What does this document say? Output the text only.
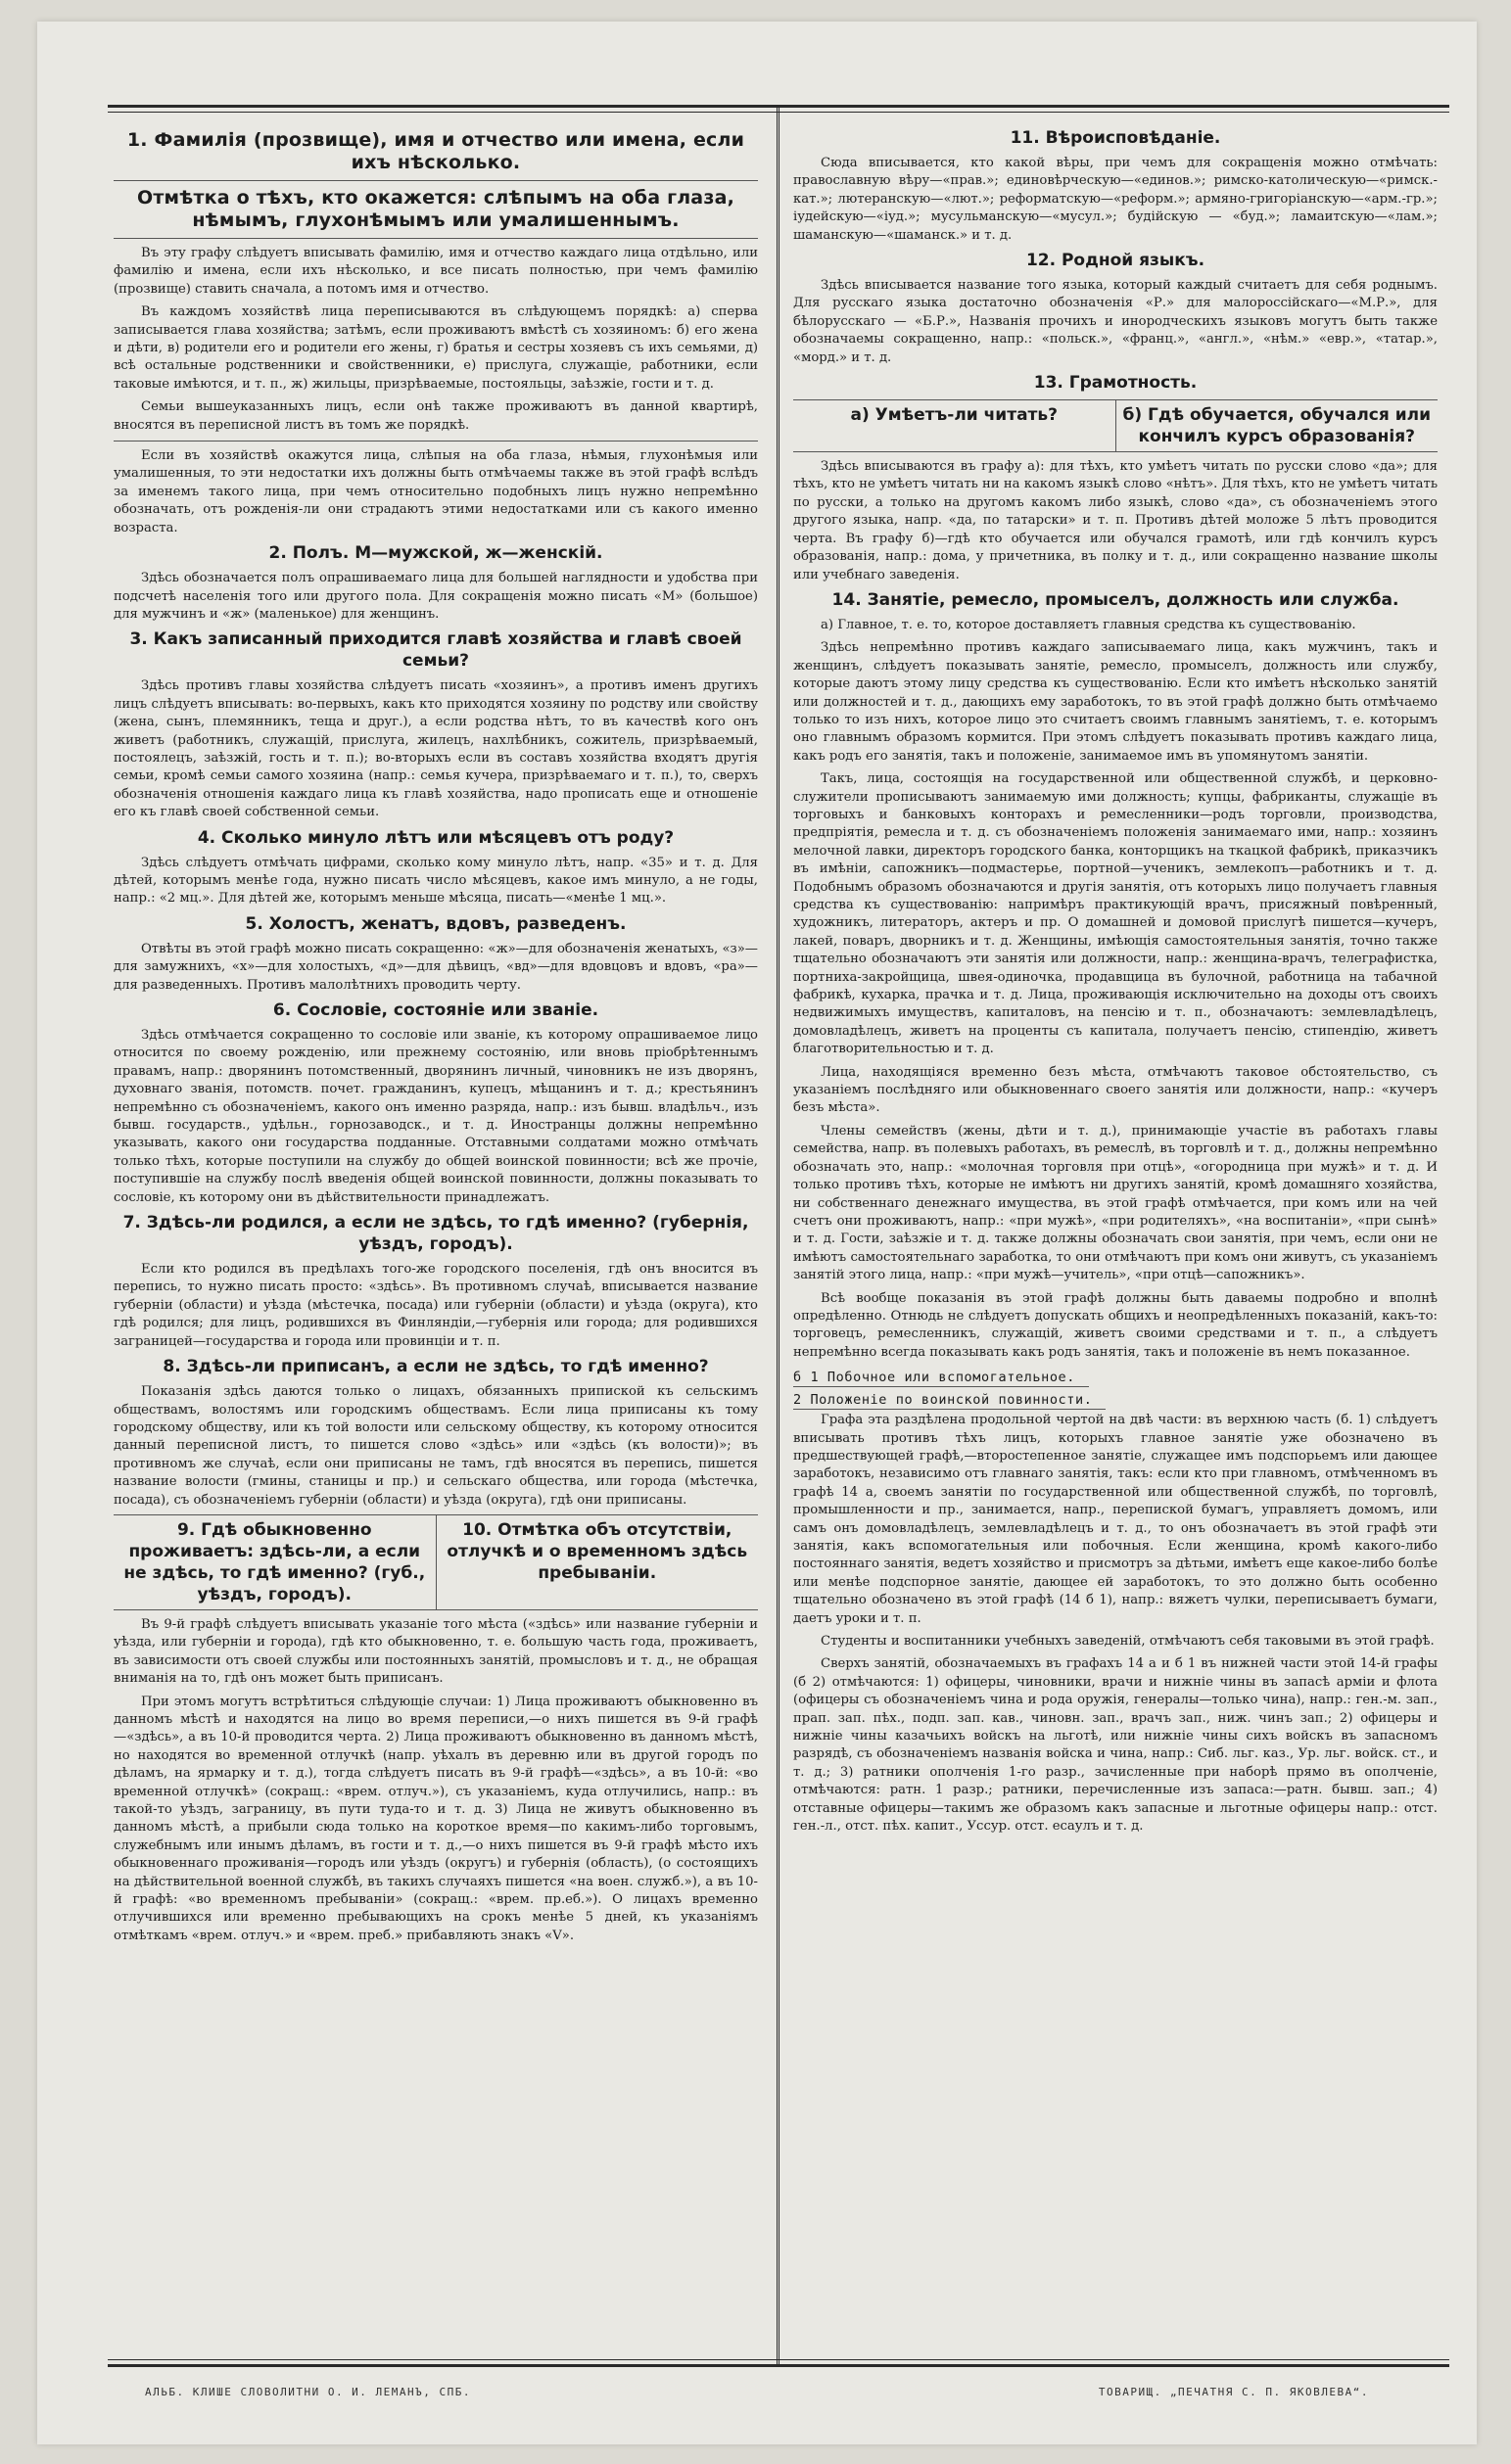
1. Фамилія (прозвище), имя и отчество или имена, если ихъ нѣсколько.
Отмѣтка о тѣхъ, кто окажется: слѣпымъ на оба глаза, нѣмымъ, глухонѣмымъ или умалишеннымъ.

Въ эту графу слѣдуетъ вписывать фамилію, имя и отчество каждаго лица отдѣльно, или фамилію и имена, если ихъ нѣсколько, и все писать полностью, при чемъ фамилію (прозвище) ставить сначала, а потомъ имя и отчество.

Въ каждомъ хозяйствѣ лица переписываются въ слѣдующемъ порядкѣ: а) сперва записывается глава хозяйства; затѣмъ, если проживаютъ вмѣстѣ съ хозяиномъ: б) его жена и дѣти, в) родители его и родители его жены, г) братья и сестры хозяевъ съ ихъ семьями, д) всѣ остальные родственники и свойственники, е) прислуга, служащіе, работники, если таковые имѣются, и т. п., ж) жильцы, призрѣваемые, постояльцы, заѣзжіе, гости и т. д.

Семьи вышеуказанныхъ лицъ, если онѣ также проживаютъ въ данной квартирѣ, вносятся въ переписной листъ въ томъ же порядкѣ.

Если въ хозяйствѣ окажутся лица, слѣпыя на оба глаза, нѣмыя, глухонѣмыя или умалишенныя, то эти недостатки ихъ должны быть отмѣчаемы также въ этой графѣ вслѣдъ за именемъ такого лица, при чемъ относительно подобныхъ лицъ нужно непремѣнно обозначать, отъ рожденія-ли они страдаютъ этими недостатками или съ какого именно возраста.

2. Полъ. М—мужской, ж—женскій.

Здѣсь обозначается полъ опрашиваемаго лица для большей наглядности и удобства при подсчетѣ населенія того или другого пола. Для сокращенія можно писать «М» (большое) для мужчинъ и «ж» (маленькое) для женщинъ.

3. Какъ записанный приходится главѣ хозяйства и главѣ своей семьи?

Здѣсь противъ главы хозяйства слѣдуетъ писать «хозяинъ», а противъ именъ другихъ лицъ слѣдуетъ вписывать: во-первыхъ, какъ кто приходятся хозяину по родству или свойству (жена, сынъ, племянникъ, теща и друг.), а если родства нѣтъ, то въ качествѣ кого онъ живетъ (работникъ, служащій, прислуга, жилецъ, нахлѣбникъ, сожитель, призрѣваемый, постоялецъ, заѣзжій, гость и т. п.); во-вторыхъ если въ составъ хозяйства входятъ другія семьи, кромѣ семьи самого хозяина (напр.: семья кучера, призрѣваемаго и т. п.), то, сверхъ обозначенія отношенія каждаго лица къ главѣ хозяйства, надо прописать еще и отношеніе его къ главѣ своей собственной семьи.

4. Сколько минуло лѣтъ или мѣсяцевъ отъ роду?

Здѣсь слѣдуетъ отмѣчать цифрами, сколько кому минуло лѣтъ, напр. «35» и т. д. Для дѣтей, которымъ менѣе года, нужно писать число мѣсяцевъ, какое имъ минуло, а не годы, напр.: «2 мц.». Для дѣтей же, которымъ меньше мѣсяца, писать—«менѣе 1 мц.».

5. Холостъ, женатъ, вдовъ, разведенъ.

Отвѣты въ этой графѣ можно писать сокращенно: «ж»—для обозначенія женатыхъ, «з»—для замужнихъ, «х»—для холостыхъ, «д»—для дѣвицъ, «вд»—для вдовцовъ и вдовъ, «ра»—для разведенныхъ. Противъ малолѣтнихъ проводить черту.

6. Сословіе, состояніе или званіе.

Здѣсь отмѣчается сокращенно то сословіе или званіе, къ которому опрашиваемое лицо относится по своему рожденію, или прежнему состоянію, или вновь пріобрѣтеннымъ правамъ, напр.: дворянинъ потомственный, дворянинъ личный, чиновникъ не изъ дворянъ, духовнаго званія, потомств. почет. гражданинъ, купецъ, мѣщанинъ и т. д.; крестьянинъ непремѣнно съ обозначеніемъ, какого онъ именно разряда, напр.: изъ бывш. владѣльч., изъ бывш. государств., удѣльн., горнозаводск., и т. д. Иностранцы должны непремѣнно указывать, какого они государства подданные. Отставными солдатами можно отмѣчать только тѣхъ, которые поступили на службу до общей воинской повинности; всѣ же прочіе, поступившіе на службу послѣ введенія общей воинской повинности, должны показывать то сословіе, къ которому они въ дѣйствительности принадлежатъ.

7. Здѣсь-ли родился, а если не здѣсь, то гдѣ именно? (губернія, уѣздъ, городъ).

Если кто родился въ предѣлахъ того-же городского поселенія, гдѣ онъ вносится въ перепись, то нужно писать просто: «здѣсь». Въ противномъ случаѣ, вписывается название губерніи (области) и уѣзда (мѣстечка, посада) или губерніи (области) и уѣзда (округа), кто гдѣ родился; для лицъ, родившихся въ Финляндіи,—губернія или города; для родившихся заграницей—государства и города или провинціи и т. п.

8. Здѣсь-ли приписанъ, а если не здѣсь, то гдѣ именно?

Показанія здѣсь даются только о лицахъ, обязанныхъ припиской къ сельскимъ обществамъ, волостямъ или городскимъ обществамъ. Если лица приписаны къ тому городскому обществу, или къ той волости или сельскому обществу, къ которому относится данный переписной листъ, то пишется слово «здѣсь» или «здѣсь (къ волости)»; въ противномъ же случаѣ, если они приписаны не тамъ, гдѣ вносятся въ перепись, пишется название волости (гмины, станицы и пр.) и сельскаго общества, или города (мѣстечка, посада), съ обозначеніемъ губерніи (области) и уѣзда (округа), гдѣ они приписаны.

9. Гдѣ обыкновенно проживаетъ: здѣсь-ли, а если не здѣсь, то гдѣ именно? (губ., уѣздъ, городъ).
10. Отмѣтка объ отсутствіи, отлучкѣ и о временномъ здѣсь пребываніи.

Въ 9-й графѣ слѣдуетъ вписывать указаніе того мѣста («здѣсь» или название губерніи и уѣзда, или губерніи и города), гдѣ кто обыкновенно, т. е. большую часть года, проживаетъ, въ зависимости отъ своей службы или постоянныхъ занятій, промысловъ и т. д., не обращая вниманія на то, гдѣ онъ может быть приписанъ.

При этомъ могутъ встрѣтиться слѣдующіе случаи: 1) Лица проживаютъ обыкновенно въ данномъ мѣстѣ и находятся на лицо во время переписи,—о нихъ пишется въ 9-й графѣ—«здѣсь», а въ 10-й проводится черта. 2) Лица проживаютъ обыкновенно въ данномъ мѣстѣ, но находятся во временной отлучкѣ (напр. уѣхалъ въ деревню или въ другой городъ по дѣламъ, на ярмарку и т. д.), тогда слѣдуетъ писать въ 9-й графѣ—«здѣсь», а въ 10-й: «во временной отлучкѣ» (сокращ.: «врем. отлуч.»), съ указаніемъ, куда отлучились, напр.: въ такой-то уѣздъ, заграницу, въ пути туда-то и т. д. 3) Лица не живутъ обыкновенно въ данномъ мѣстѣ, а прибыли сюда только на короткое время—по какимъ-либо торговымъ, служебнымъ или инымъ дѣламъ, въ гости и т. д.,—о нихъ пишется въ 9-й графѣ мѣсто ихъ обыкновеннаго проживанія—городъ или уѣздъ (округъ) и губернія (область), (о состоящихъ на дѣйствительной военной службѣ, въ такихъ случаяхъ пишется «на воен. служб.»), а въ 10-й графѣ: «во временномъ пребываніи» (сокращ.: «врем. пр.еб.»). О лицахъ временно отлучившихся или временно пребывающихъ на срокъ менѣе 5 дней, къ указаніямъ отмѣткамъ «врем. отлуч.» и «врем. преб.» прибавляють знакъ «V».

11. Вѣроисповѣданіе.

Сюда вписывается, кто какой вѣры, при чемъ для сокращенія можно отмѣчать: православную вѣру—«прав.»; единовѣрческую—«единов.»; римско-католическую—«римск.-кат.»; лютеранскую—«лют.»; реформатскую—«реформ.»; армяно-григоріанскую—«арм.-гр.»; іудейскую—«іуд.»; мусульманскую—«мусул.»; будійскую — «буд.»; ламаитскую—«лам.»; шаманскую—«шаманск.» и т. д.

12. Родной языкъ.

Здѣсь вписывается название того языка, который каждый считаетъ для себя роднымъ. Для русскаго языка достаточно обозначенія «Р.» для малороссійскаго—«М.Р.», для бѣлорусскаго — «Б.Р.», Названія прочихъ и инородческихъ языковъ могутъ быть также обозначаемы сокращенно, напр.: «польск.», «франц.», «англ.», «нѣм.» «евр.», «татар.», «морд.» и т. д.

13. Грамотность.
а) Умѣетъ-ли читать?	б) Гдѣ обучается, обучался или кончилъ курсъ образованія?

Здѣсь вписываются въ графу а): для тѣхъ, кто умѣетъ читать по русски слово «да»; для тѣхъ, кто не умѣетъ читать ни на какомъ языкѣ слово «нѣтъ». Для тѣхъ, кто не умѣетъ читать по русски, а только на другомъ какомъ либо языкѣ, слово «да», съ обозначеніемъ этого другого языка, напр. «да, по татарски» и т. п. Противъ дѣтей моложе 5 лѣтъ проводится черта. Въ графу б)—гдѣ кто обучается или обучался грамотѣ, или гдѣ кончилъ курсъ образованія, напр.: дома, у причетника, въ полку и т. д., или сокращенно название школы или учебнаго заведенія.

14. Занятіе, ремесло, промыселъ, должность или служба.

а) Главное, т. е. то, которое доставляетъ главныя средства къ существованію.

Здѣсь непремѣнно противъ каждаго записываемаго лица, какъ мужчинъ, такъ и женщинъ, слѣдуетъ показывать занятіе, ремесло, промыселъ, должность или службу, которые даютъ этому лицу средства къ существованію. Если кто имѣетъ нѣсколько занятій или должностей и т. д., дающихъ ему заработокъ, то въ этой графѣ должно быть отмѣчаемо только то изъ нихъ, которое лицо это считаетъ своимъ главнымъ занятіемъ, т. е. которымъ оно главнымъ образомъ кормится. При этомъ слѣдуетъ показывать противъ каждаго лица, какъ родъ его занятія, такъ и положеніе, занимаемое имъ въ упомянутомъ занятіи.

Такъ, лица, состоящія на государственной или общественной службѣ, и церковно-служители прописываютъ занимаемую ими должность; купцы, фабриканты, служащіе въ торговыхъ и банковыхъ конторахъ и ремесленники—родъ торговли, производства, предпріятія, ремесла и т. д. съ обозначеніемъ положенія занимаемаго ими, напр.: хозяинъ мелочной лавки, директоръ городского банка, конторщикъ на ткацкой фабрикѣ, приказчикъ въ имѣніи, сапожникъ—подмастерье, портной—ученикъ, землекопъ—работникъ и т. д. Подобнымъ образомъ обозначаются и другія занятія, отъ которыхъ лицо получаетъ главныя средства къ существованію: напримѣръ практикующій врачъ, присяжный повѣренный, художникъ, литераторъ, актеръ и пр. О домашней и домовой прислугѣ пишется—кучеръ, лакей, поваръ, дворникъ и т. д. Женщины, имѣющія самостоятельныя занятія, точно также тщательно обозначаютъ эти занятія или должности, напр.: женщина-врачъ, телеграфистка, портниха-закройщица, швея-одиночка, продавщица въ булочной, работница на табачной фабрикѣ, кухарка, прачка и т. д. Лица, проживающія исключительно на доходы отъ своихъ недвижимыхъ имуществъ, капиталовъ, на пенсію и т. п., обозначаютъ: землевладѣлецъ, домовладѣлецъ, живетъ на проценты съ капитала, получаетъ пенсію, стипендію, живетъ благотворительностью и т. д.

Лица, находящіяся временно безъ мѣста, отмѣчаютъ таковое обстоятельство, съ указаніемъ послѣдняго или обыкновеннаго своего занятія или должности, напр.: «кучеръ безъ мѣста».

Члены семействъ (жены, дѣти и т. д.), принимающіе участіе въ работахъ главы семейства, напр. въ полевыхъ работахъ, въ ремеслѣ, въ торговлѣ и т. д., должны непремѣнно обозначать это, напр.: «молочная торговля при отцѣ», «огородница при мужѣ» и т. д. И только противъ тѣхъ, которые не имѣютъ ни другихъ занятій, кромѣ домашняго хозяйства, ни собственнаго денежнаго имущества, въ этой графѣ отмѣчается, при комъ или на чей счетъ они проживаютъ, напр.: «при мужѣ», «при родителяхъ», «на воспитаніи», «при сынѣ» и т. д. Гости, заѣзжіе и т. д. также должны обозначать свои занятія, при чемъ, если они не имѣютъ самостоятельнаго заработка, то они отмѣчаютъ при комъ они живутъ, съ указаніемъ занятій этого лица, напр.: «при мужѣ—учитель», «при отцѣ—сапожникъ».

Всѣ вообще показанія въ этой графѣ должны быть даваемы подробно и вполнѣ опредѣленно. Отнюдь не слѣдуетъ допускать общихъ и неопредѣленныхъ показаній, какъ-то: торговецъ, ремесленникъ, служащій, живетъ своими средствами и т. п., а слѣдуетъ непремѣнно всегда показывать какъ родъ занятія, такъ и положеніе въ немъ показанное.

б 1 Побочное или вспомогательное.
2 Положеніе по воинской повинности.

Графа эта раздѣлена продольной чертой на двѣ части: въ верхнюю часть (б. 1) слѣдуетъ вписывать противъ тѣхъ лицъ, которыхъ главное занятіе уже обозначено въ предшествующей графѣ,—второстепенное занятіе, служащее имъ подспорьемъ или дающее заработокъ, независимо отъ главнаго занятія, такъ: если кто при главномъ, отмѣченномъ въ графѣ 14 а, своемъ занятіи по государственной или общественной службѣ, по торговлѣ, промышленности и пр., занимается, напр., перепиской бумагъ, управляетъ домомъ, или самъ онъ домовладѣлецъ, землевладѣлецъ и т. д., то онъ обозначаетъ въ этой графѣ эти занятія, какъ вспомогательныя или побочныя. Если женщина, кромѣ какого-либо постояннаго занятія, ведетъ хозяйство и присмотръ за дѣтьми, имѣетъ еще какое-либо болѣе или менѣе подспорное занятіе, дающее ей заработокъ, то это должно быть особенно тщательно обозначено въ этой графѣ (14 б 1), напр.: вяжетъ чулки, переписываетъ бумаги, даетъ уроки и т. п.

Студенты и воспитанники учебныхъ заведеній, отмѣчаютъ себя таковыми въ этой графѣ.

Сверхъ занятій, обозначаемыхъ въ графахъ 14 а и б 1 въ нижней части этой 14-й графы (б 2) отмѣчаются: 1) офицеры, чиновники, врачи и нижніе чины въ запасѣ арміи и флота (офицеры съ обозначеніемъ чина и рода оружія, генералы—только чина), напр.: ген.-м. зап., прап. зап. пѣх., подп. зап. кав., чиновн. зап., врачъ зап., ниж. чинъ зап.; 2) офицеры и нижніе чины казачьихъ войскъ на льготѣ, или нижніе чины сихъ войскъ въ запасномъ разрядѣ, съ обозначеніемъ названія войска и чина, напр.: Сиб. льг. каз., Ур. льг. войск. ст., и т. д.; 3) ратники ополченія 1-го разр., зачисленные при наборѣ прямо въ ополченіе, отмѣчаются: ратн. 1 разр.; ратники, перечисленные изъ запаса:—ратн. бывш. зап.; 4) отставные офицеры—такимъ же образомъ какъ запасные и льготные офицеры напр.: отст. ген.-л., отст. пѣх. капит., Уссур. отст. есаулъ и т. д.

АЛЬБ. КЛИШЕ СЛОВОЛИТНИ О. И. ЛЕМАНЪ, СПБ.	ТОВАРИЩ. „ПЕЧАТНЯ С. П. ЯКОВЛЕВА“.
